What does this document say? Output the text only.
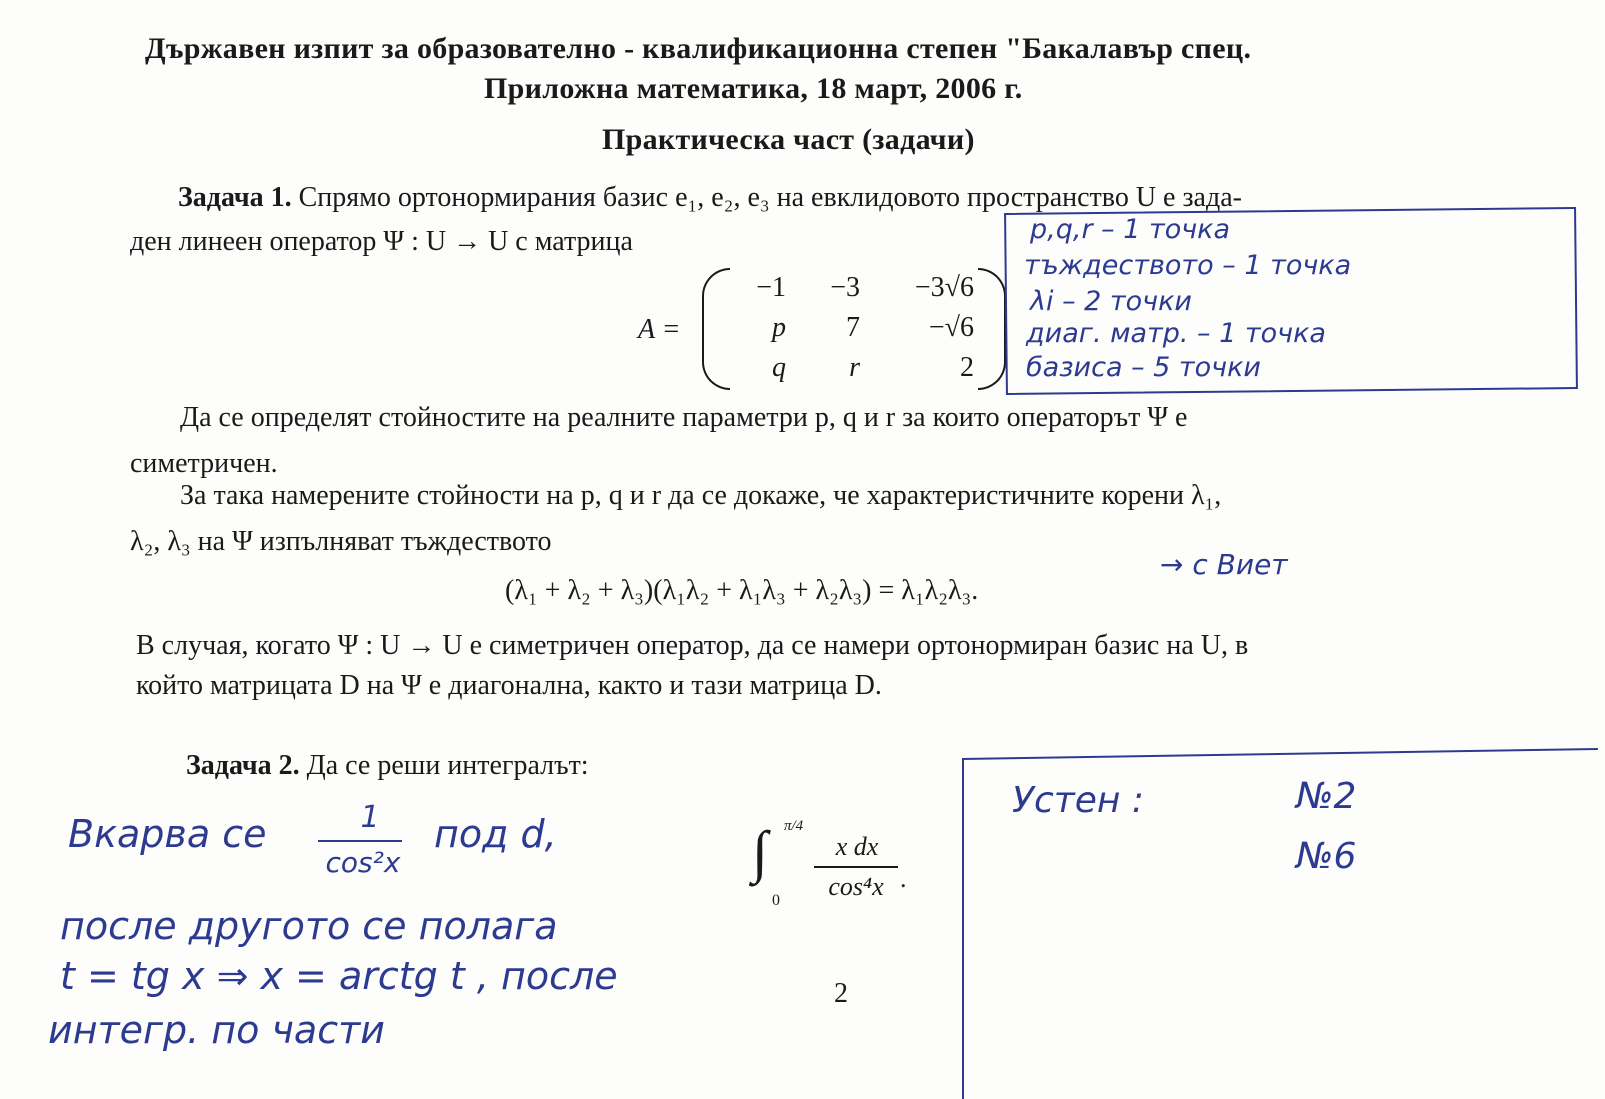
Държавен изпит за образователно - квалификационна степен "Бакалавър спец.
Приложна математика, 18 март, 2006 г.
Практическа част (задачи)
Задача 1. Спрямо ортонормирания базис e₁, e₂, e₃ на евклидовото пространство U е зада-
ден линеен оператор Ψ : U → U с матрица
A =
−1	−3	−3√6
p	7	−√6
q	r	2
Да се определят стойностите на реалните параметри p, q и r за които операторът Ψ е
симетричен.
За така намерените стойности на p, q и r да се докаже, че характеристичните корени λ₁,
λ₂, λ₃ на Ψ изпълняват тъждеството
(λ₁ + λ₂ + λ₃)(λ₁λ₂ + λ₁λ₃ + λ₂λ₃) = λ₁λ₂λ₃.
В случая, когато Ψ : U → U е симетричен оператор, да се намери ортонормиран базис на U, в
който матрицата D на Ψ е диагонална, както и тази матрица D.
Задача 2. Да се реши интегралът:
∫ π/4
0
x dx
cos⁴x .
2
p,q,r – 1 точка
тъждеството – 1 точка
λi – 2 точки
диаг. матр. – 1 точка
базиса – 5 точки
→ с Виет
Вкарва се	1
cos²x
под d,
после другото се полага
t = tg x ⇒ x = arctg t , после
интегр. по части
Устен :	№2
№6
